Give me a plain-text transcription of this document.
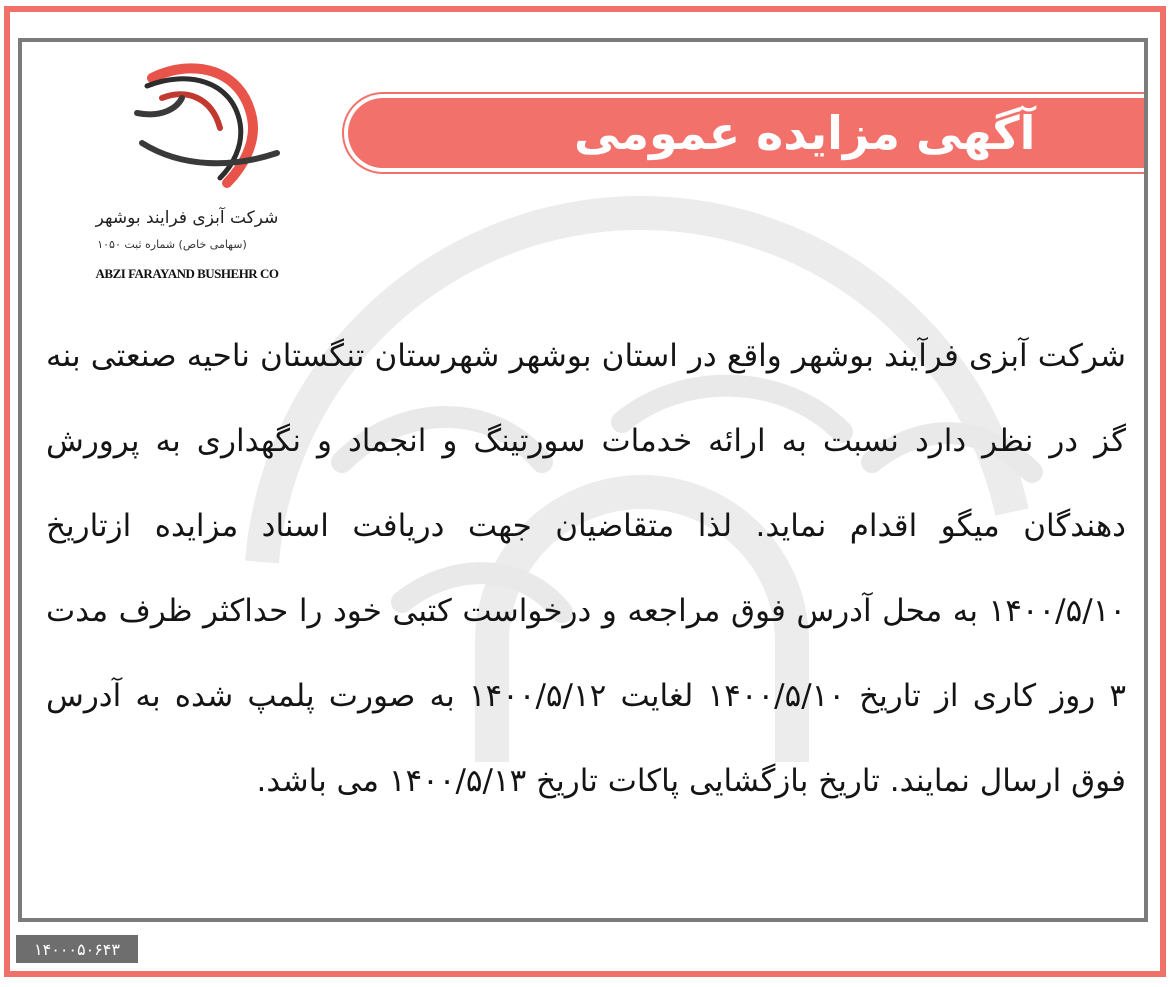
آگهی مزایده عمومی
شرکت آبزی فرایند بوشهر
(سهامی خاص) شماره ثبت ۱۰۵۰
ABZI FARAYAND BUSHEHR CO

شرکت آبزی فرآیند بوشهر واقع در استان بوشهر شهرستان تنگستان ناحیه صنعتی بنه گز در نظر دارد نسبت به ارائه خدمات سورتینگ و انجماد و نگهداری به پرورش دهندگان میگو اقدام نماید. لذا متقاضیان جهت دریافت اسناد مزایده ازتاریخ ۱۴۰۰/۵/۱۰ به محل آدرس فوق مراجعه و درخواست کتبی خود را حداکثر ظرف مدت ۳ روز کاری از تاریخ ۱۴۰۰/۵/۱۰ لغایت ۱۴۰۰/۵/۱۲ به صورت پلمپ شده به آدرس فوق ارسال نمایند. تاریخ بازگشایی پاکات تاریخ ۱۴۰۰/۵/۱۳ می باشد.

۱۴۰۰۰۵۰۶۴۳
